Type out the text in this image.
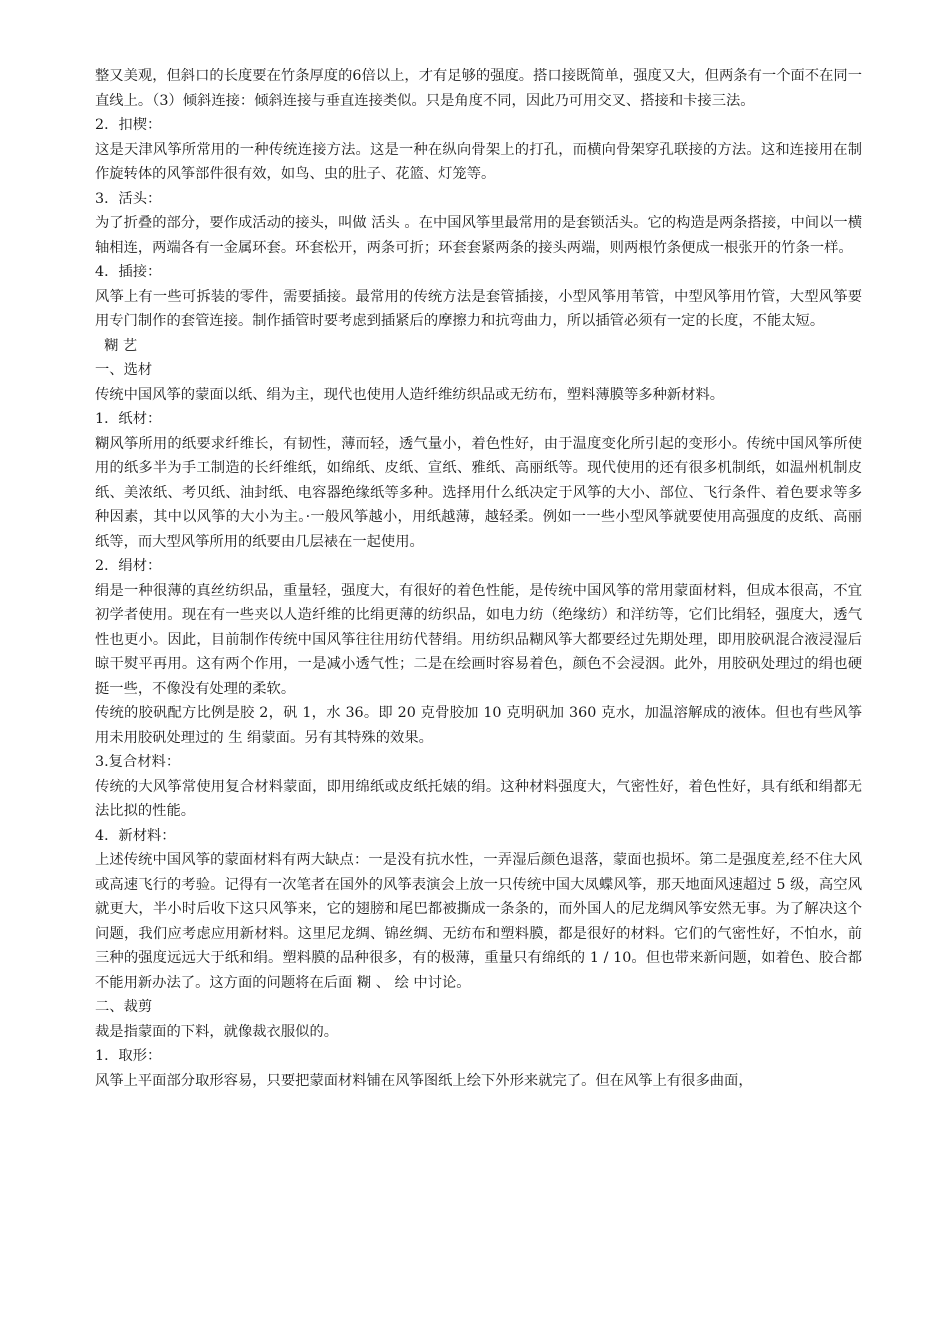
整又美观，但斜口的长度要在竹条厚度的6倍以上，才有足够的强度。搭口接既简单，强度又大，但两条有一个面不在同一直线上。（3）倾斜连接：倾斜连接与垂直连接类似。只是角度不同，因此乃可用交叉、搭接和卡接三法。

2．扣楔：

这是天津风筝所常用的一种传统连接方法。这是一种在纵向骨架上的打孔，而横向骨架穿孔联接的方法。这和连接用在制作旋转体的风筝部件很有效，如鸟、虫的肚子、花篮、灯笼等。

3．活头：

为了折叠的部分，要作成活动的接头，叫做 活头 。在中国风筝里最常用的是套锁活头。它的构造是两条搭接，中间以一横轴相连，两端各有一金属环套。环套松开，两条可折；环套套紧两条的接头两端，则两根竹条便成一根张开的竹条一样。

4．插接：

风筝上有一些可拆装的零件，需要插接。最常用的传统方法是套管插接，小型风筝用苇管，中型风筝用竹管，大型风筝要用专门制作的套管连接。制作插管时要考虑到插紧后的摩擦力和抗弯曲力，所以插管必须有一定的长度，不能太短。

糊 艺

一、选材

传统中国风筝的蒙面以纸、绢为主，现代也使用人造纤维纺织品或无纺布，塑料薄膜等多种新材料。

1．纸材：

糊风筝所用的纸要求纤维长，有韧性，薄而轻，透气量小，着色性好，由于温度变化所引起的变形小。传统中国风筝所使用的纸多半为手工制造的长纤维纸，如绵纸、皮纸、宣纸、雅纸、高丽纸等。现代使用的还有很多机制纸，如温州机制皮纸、美浓纸、考贝纸、油封纸、电容器绝缘纸等多种。选择用什么纸决定于风筝的大小、部位、飞行条件、着色要求等多种因素，其中以风筝的大小为主。·一般风筝越小，用纸越薄，越轻柔。例如一一些小型风筝就要使用高强度的皮纸、高丽纸等，而大型风筝所用的纸要由几层裱在一起使用。

2．绢材：

绢是一种很薄的真丝纺织品，重量轻，强度大，有很好的着色性能，是传统中国风筝的常用蒙面材料，但成本很高，不宜初学者使用。现在有一些夹以人造纤维的比绢更薄的纺织品，如电力纺（绝缘纺）和洋纺等，它们比绢轻，强度大，透气性也更小。因此，目前制作传统中国风筝往往用纺代替绢。用纺织品糊风筝大都要经过先期处理，即用胶矾混合液浸湿后晾干熨平再用。这有两个作用，一是减小透气性；二是在绘画时容易着色，颜色不会浸洇。此外，用胶矾处理过的绢也硬挺一些，不像没有处理的柔软。

传统的胶矾配方比例是胶 2，矾 1，水 36。即 20 克骨胶加 10 克明矾加 360 克水，加温溶解成的液体。但也有些风筝用未用胶矾处理过的 生 绢蒙面。另有其特殊的效果。

3.复合材料：

传统的大风筝常使用复合材料蒙面，即用绵纸或皮纸托婊的绢。这种材料强度大，气密性好，着色性好，具有纸和绢都无法比拟的性能。

4．新材料：

上述传统中国风筝的蒙面材料有两大缺点：一是没有抗水性，一弄湿后颜色退落，蒙面也损坏。第二是强度差,经不住大风或高速飞行的考验。记得有一次笔者在国外的风筝表演会上放一只传统中国大凤蝶风筝，那天地面风速超过 5 级，高空风就更大，半小时后收下这只风筝来，它的翅膀和尾巴都被撕成一条条的，而外国人的尼龙绸风筝安然无事。为了解决这个问题，我们应考虑应用新材料。这里尼龙绸、锦丝绸、无纺布和塑料膜，都是很好的材料。它们的气密性好，不怕水，前三种的强度远远大于纸和绢。塑料膜的品种很多，有的极薄，重量只有绵纸的 1 / 10。但也带来新问题，如着色、胶合都不能用新办法了。这方面的问题将在后面 糊 、 绘 中讨论。

二、裁剪

裁是指蒙面的下料，就像裁衣服似的。

1．取形：

风筝上平面部分取形容易，只要把蒙面材料铺在风筝图纸上绘下外形来就完了。但在风筝上有很多曲面，
